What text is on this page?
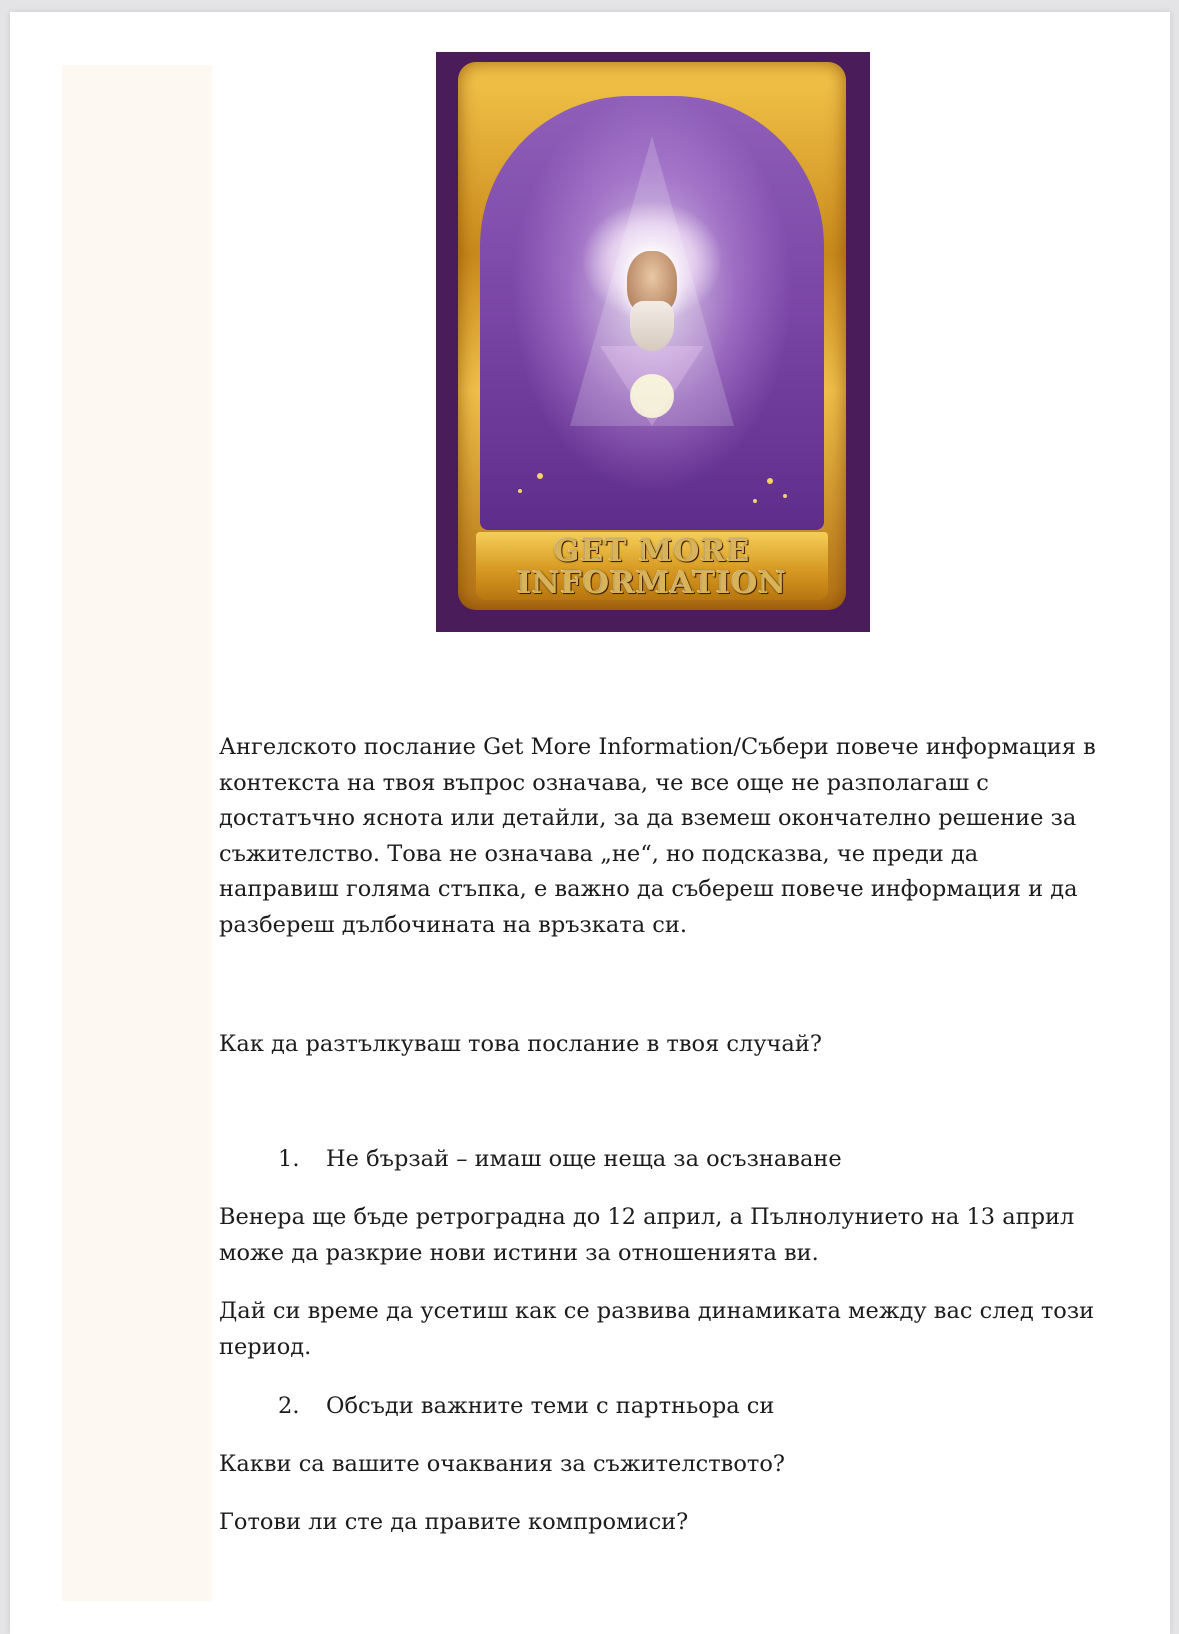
GET MORE
INFORMATION

Ангелското послание Get More Information/Събери повече информация в контекста на твоя въпрос означава, че все още не разполагаш с достатъчно яснота или детайли, за да вземеш окончателно решение за съжителство. Това не означава „не“, но подсказва, че преди да направиш голяма стъпка, е важно да събереш повече информация и да разбереш дълбочината на връзката си.

Как да разтълкуваш това послание в твоя случай?

1. Не бързай – имаш още неща за осъзнаване

Венера ще бъде ретроградна до 12 април, а Пълнолунието на 13 април може да разкрие нови истини за отношенията ви.

Дай си време да усетиш как се развива динамиката между вас след този период.

2. Обсъди важните теми с партньора си

Какви са вашите очаквания за съжителството?

Готови ли сте да правите компромиси?
